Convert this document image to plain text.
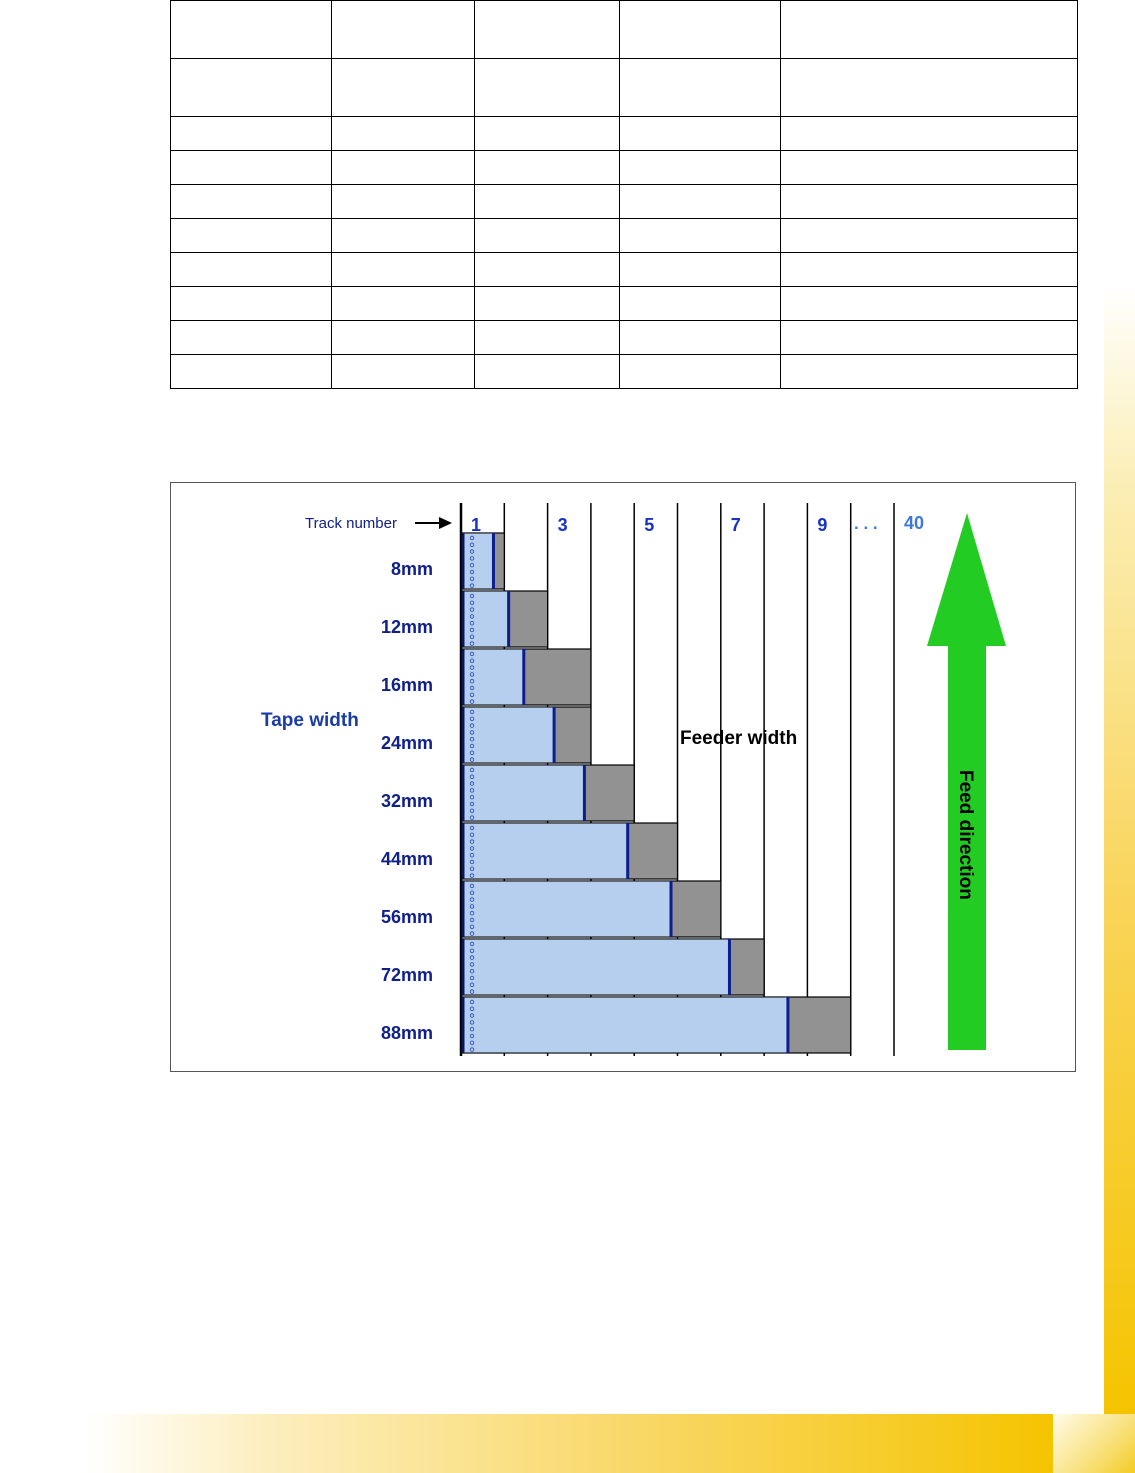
Track number	1	3	5	7	9 . . . 40
8mm
12mm
16mm
24mm
32mm
44mm
56mm
72mm
88mm
Tape width
Feeder width
Feed direction
